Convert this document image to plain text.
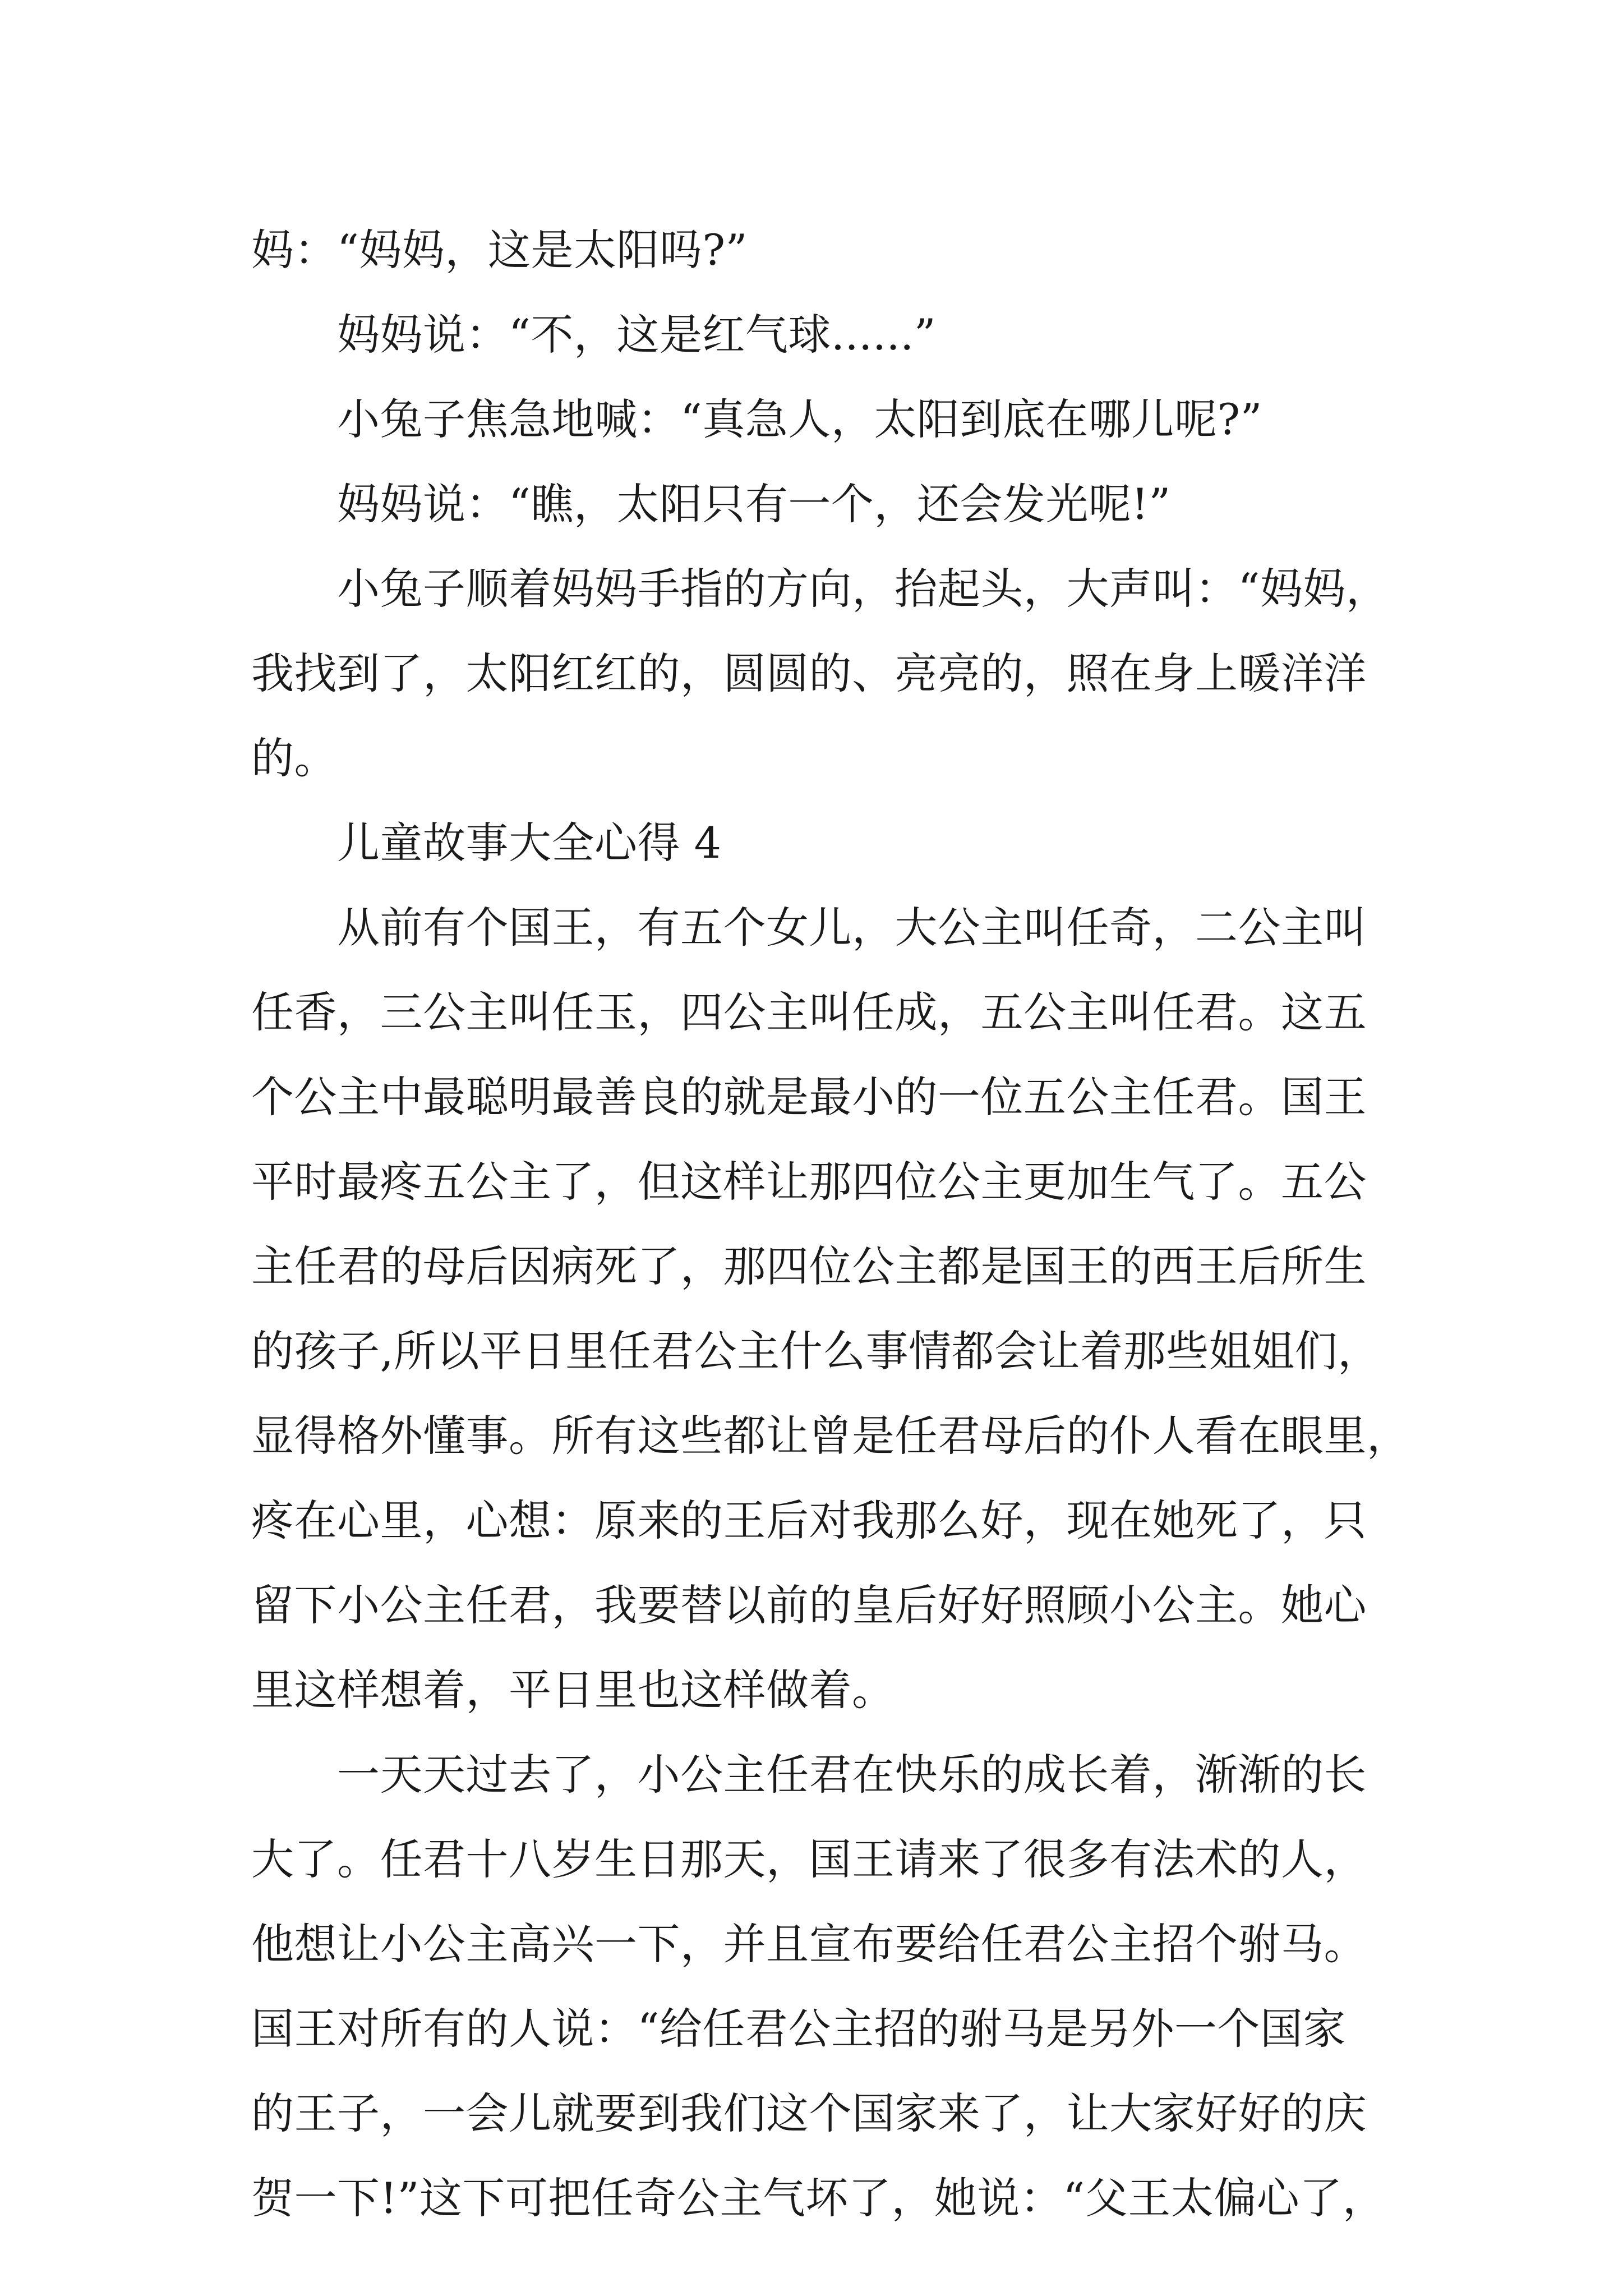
妈：“妈妈，这是太阳吗?”
　　妈妈说：“不，这是红气球......”
　　小兔子焦急地喊：“真急人，太阳到底在哪儿呢?”
　　妈妈说：“瞧，太阳只有一个，还会发光呢!”
　　小兔子顺着妈妈手指的方向，抬起头，大声叫：“妈妈，
我找到了，太阳红红的，圆圆的、亮亮的，照在身上暖洋洋
的。
　　儿童故事大全心得 4
　　从前有个国王，有五个女儿，大公主叫任奇，二公主叫
任香，三公主叫任玉，四公主叫任成，五公主叫任君。这五
个公主中最聪明最善良的就是最小的一位五公主任君。国王
平时最疼五公主了，但这样让那四位公主更加生气了。五公
主任君的母后因病死了，那四位公主都是国王的西王后所生
的孩子,所以平日里任君公主什么事情都会让着那些姐姐们，
显得格外懂事。所有这些都让曾是任君母后的仆人看在眼里，
疼在心里，心想：原来的王后对我那么好，现在她死了，只
留下小公主任君，我要替以前的皇后好好照顾小公主。她心
里这样想着，平日里也这样做着。
　　一天天过去了，小公主任君在快乐的成长着，渐渐的长
大了。任君十八岁生日那天，国王请来了很多有法术的人，
他想让小公主高兴一下，并且宣布要给任君公主招个驸马。
国王对所有的人说：“给任君公主招的驸马是另外一个国家
的王子，一会儿就要到我们这个国家来了，让大家好好的庆
贺一下!”这下可把任奇公主气坏了，她说：“父王太偏心了，
